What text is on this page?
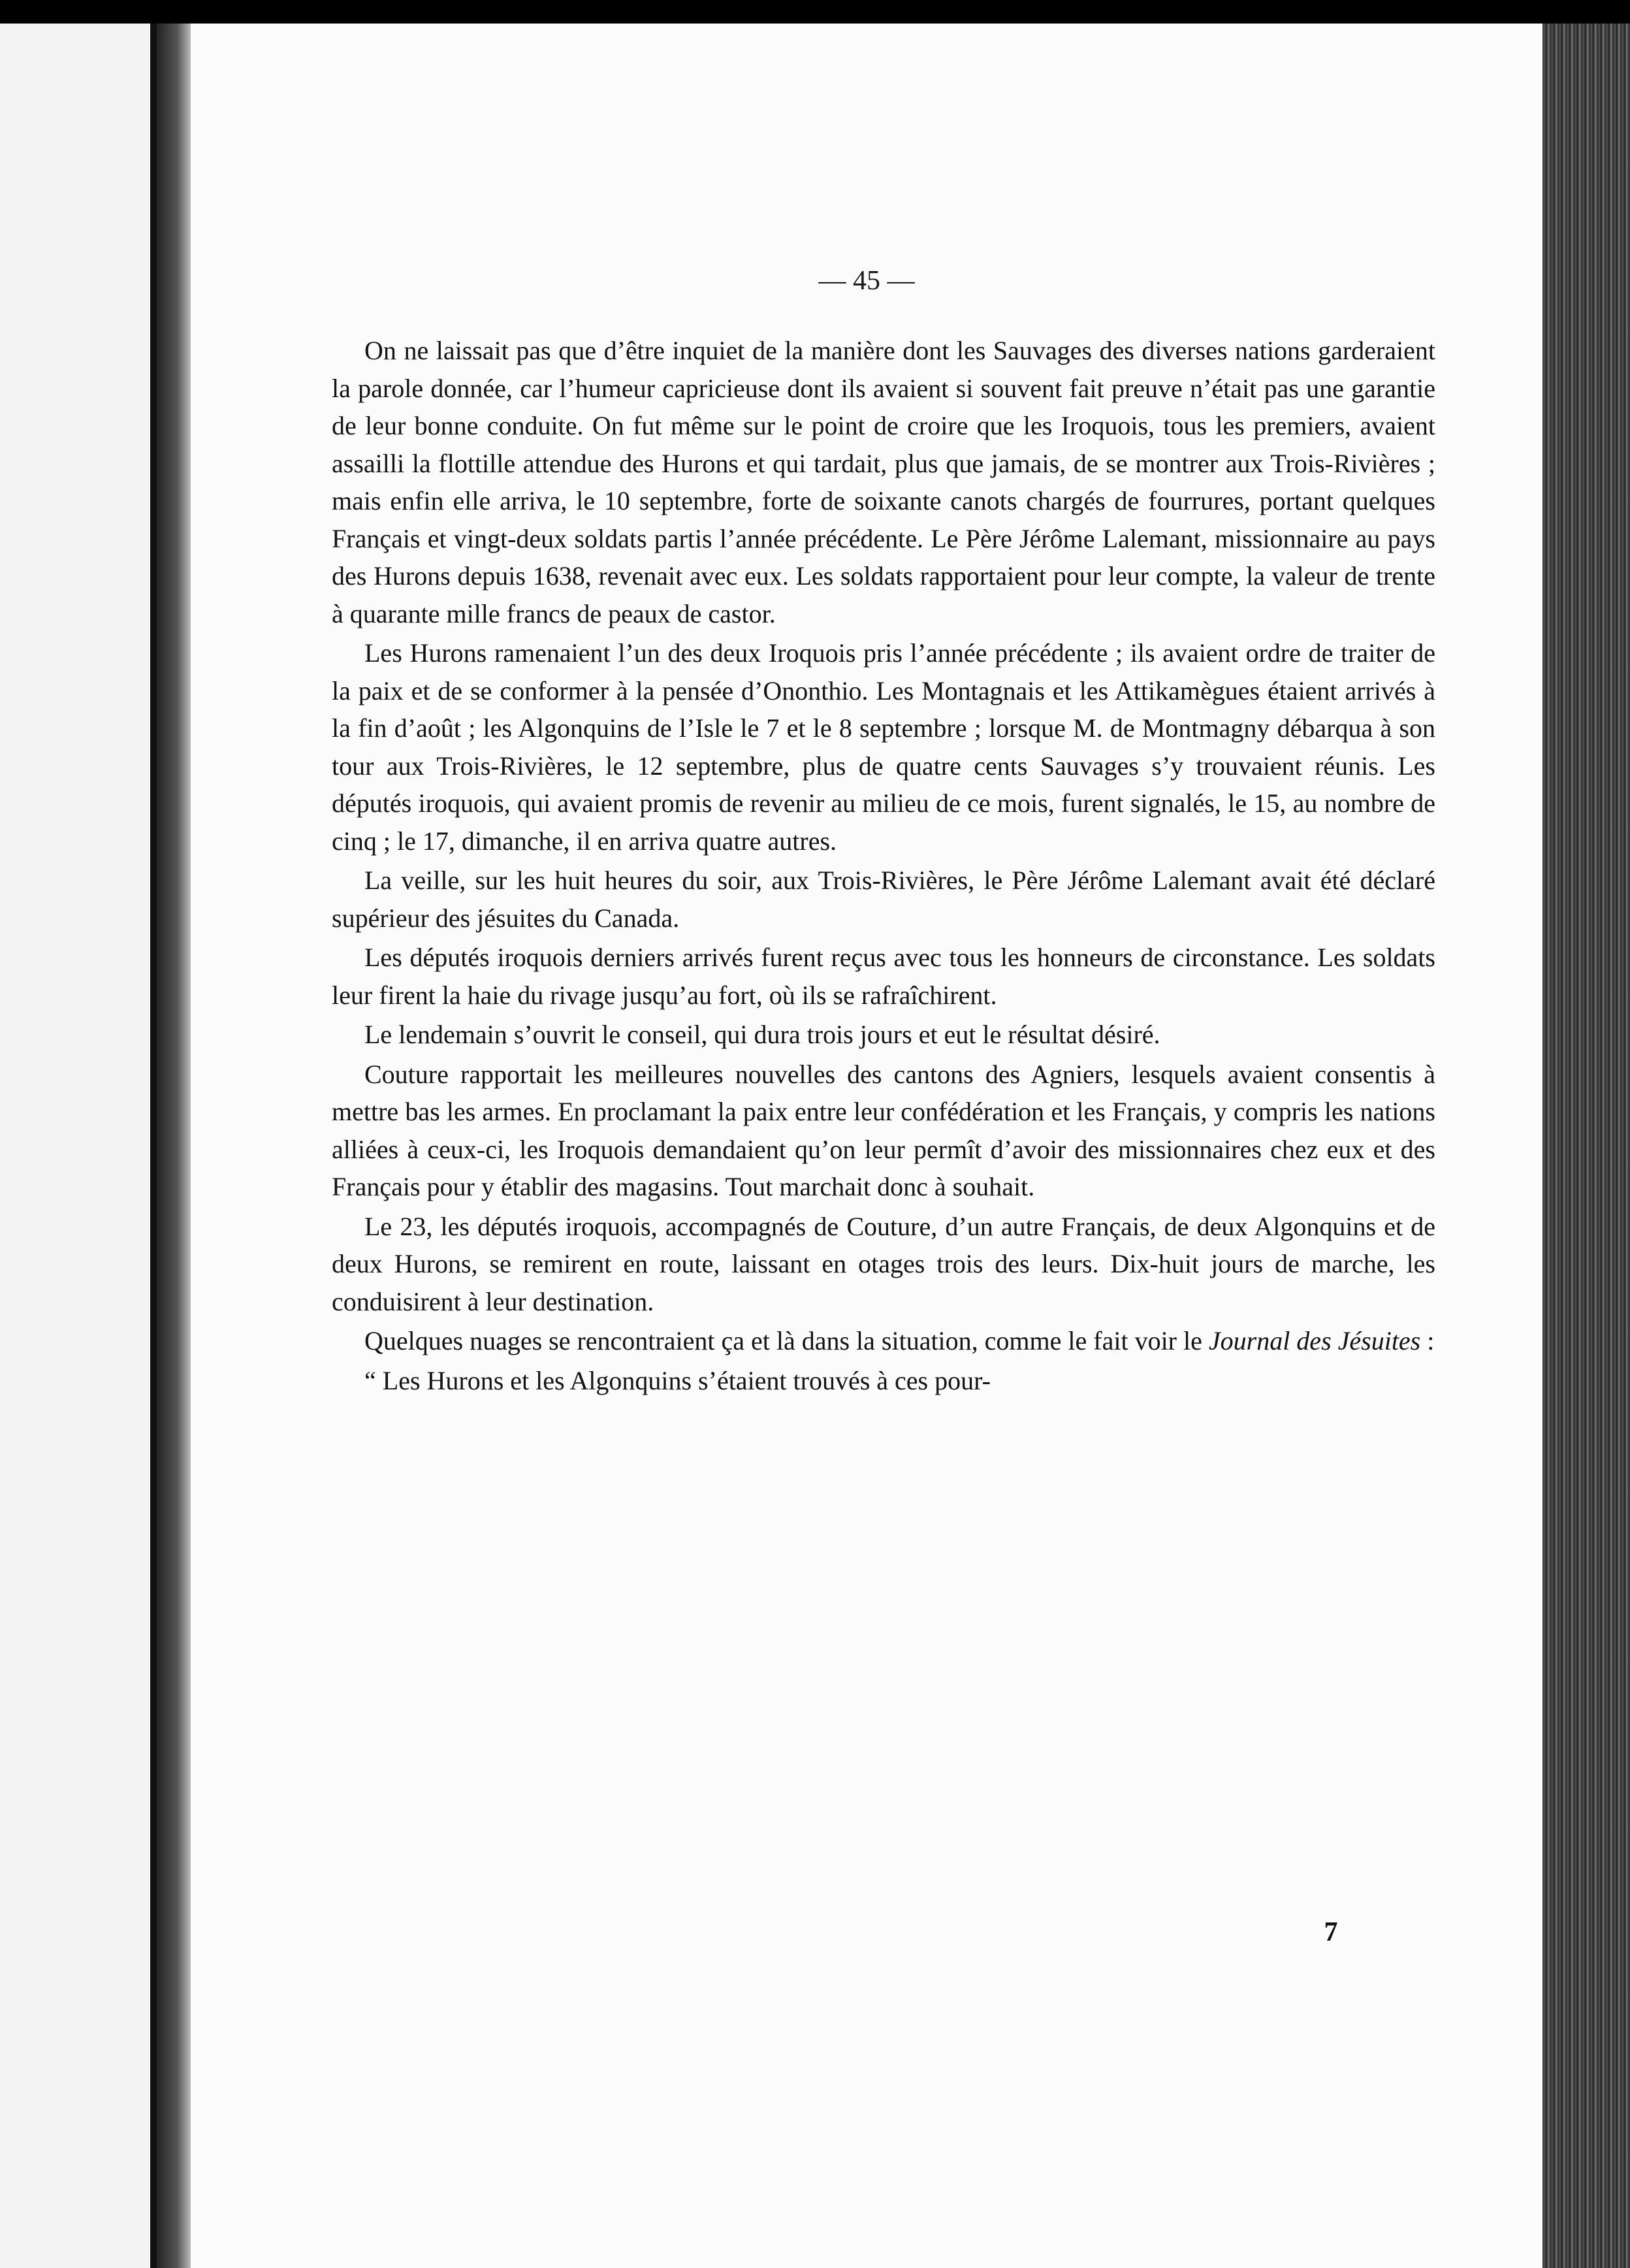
— 45 —

On ne laissait pas que d’être inquiet de la manière dont les Sauvages des diverses nations garderaient la parole donnée, car l’humeur capricieuse dont ils avaient si souvent fait preuve n’était pas une garantie de leur bonne conduite. On fut même sur le point de croire que les Iroquois, tous les premiers, avaient assailli la flottille attendue des Hurons et qui tardait, plus que jamais, de se montrer aux Trois-Rivières ; mais enfin elle arriva, le 10 septembre, forte de soixante canots chargés de fourrures, portant quelques Français et vingt-deux soldats partis l’année précédente. Le Père Jérôme Lalemant, missionnaire au pays des Hurons depuis 1638, revenait avec eux. Les soldats rapportaient pour leur compte, la valeur de trente à quarante mille francs de peaux de castor.

Les Hurons ramenaient l’un des deux Iroquois pris l’année précédente ; ils avaient ordre de traiter de la paix et de se conformer à la pensée d’Ononthio. Les Montagnais et les Attikamègues étaient arrivés à la fin d’août ; les Algonquins de l’Isle le 7 et le 8 septembre ; lorsque M. de Montmagny débarqua à son tour aux Trois-Rivières, le 12 septembre, plus de quatre cents Sauvages s’y trouvaient réunis. Les députés iroquois, qui avaient promis de revenir au milieu de ce mois, furent signalés, le 15, au nombre de cinq ; le 17, dimanche, il en arriva quatre autres.

La veille, sur les huit heures du soir, aux Trois-Rivières, le Père Jérôme Lalemant avait été déclaré supérieur des jésuites du Canada.

Les députés iroquois derniers arrivés furent reçus avec tous les honneurs de circonstance. Les soldats leur firent la haie du rivage jusqu’au fort, où ils se rafraîchirent.

Le lendemain s’ouvrit le conseil, qui dura trois jours et eut le résultat désiré.

Couture rapportait les meilleures nouvelles des cantons des Agniers, lesquels avaient consentis à mettre bas les armes. En proclamant la paix entre leur confédération et les Français, y compris les nations alliées à ceux-ci, les Iroquois demandaient qu’on leur permît d’avoir des missionnaires chez eux et des Français pour y établir des magasins. Tout marchait donc à souhait.

Le 23, les députés iroquois, accompagnés de Couture, d’un autre Français, de deux Algonquins et de deux Hurons, se remirent en route, laissant en otages trois des leurs. Dix-huit jours de marche, les conduisirent à leur destination.

Quelques nuages se rencontraient ça et là dans la situation, comme le fait voir le Journal des Jésuites :

“ Les Hurons et les Algonquins s’étaient trouvés à ces pour-

7
